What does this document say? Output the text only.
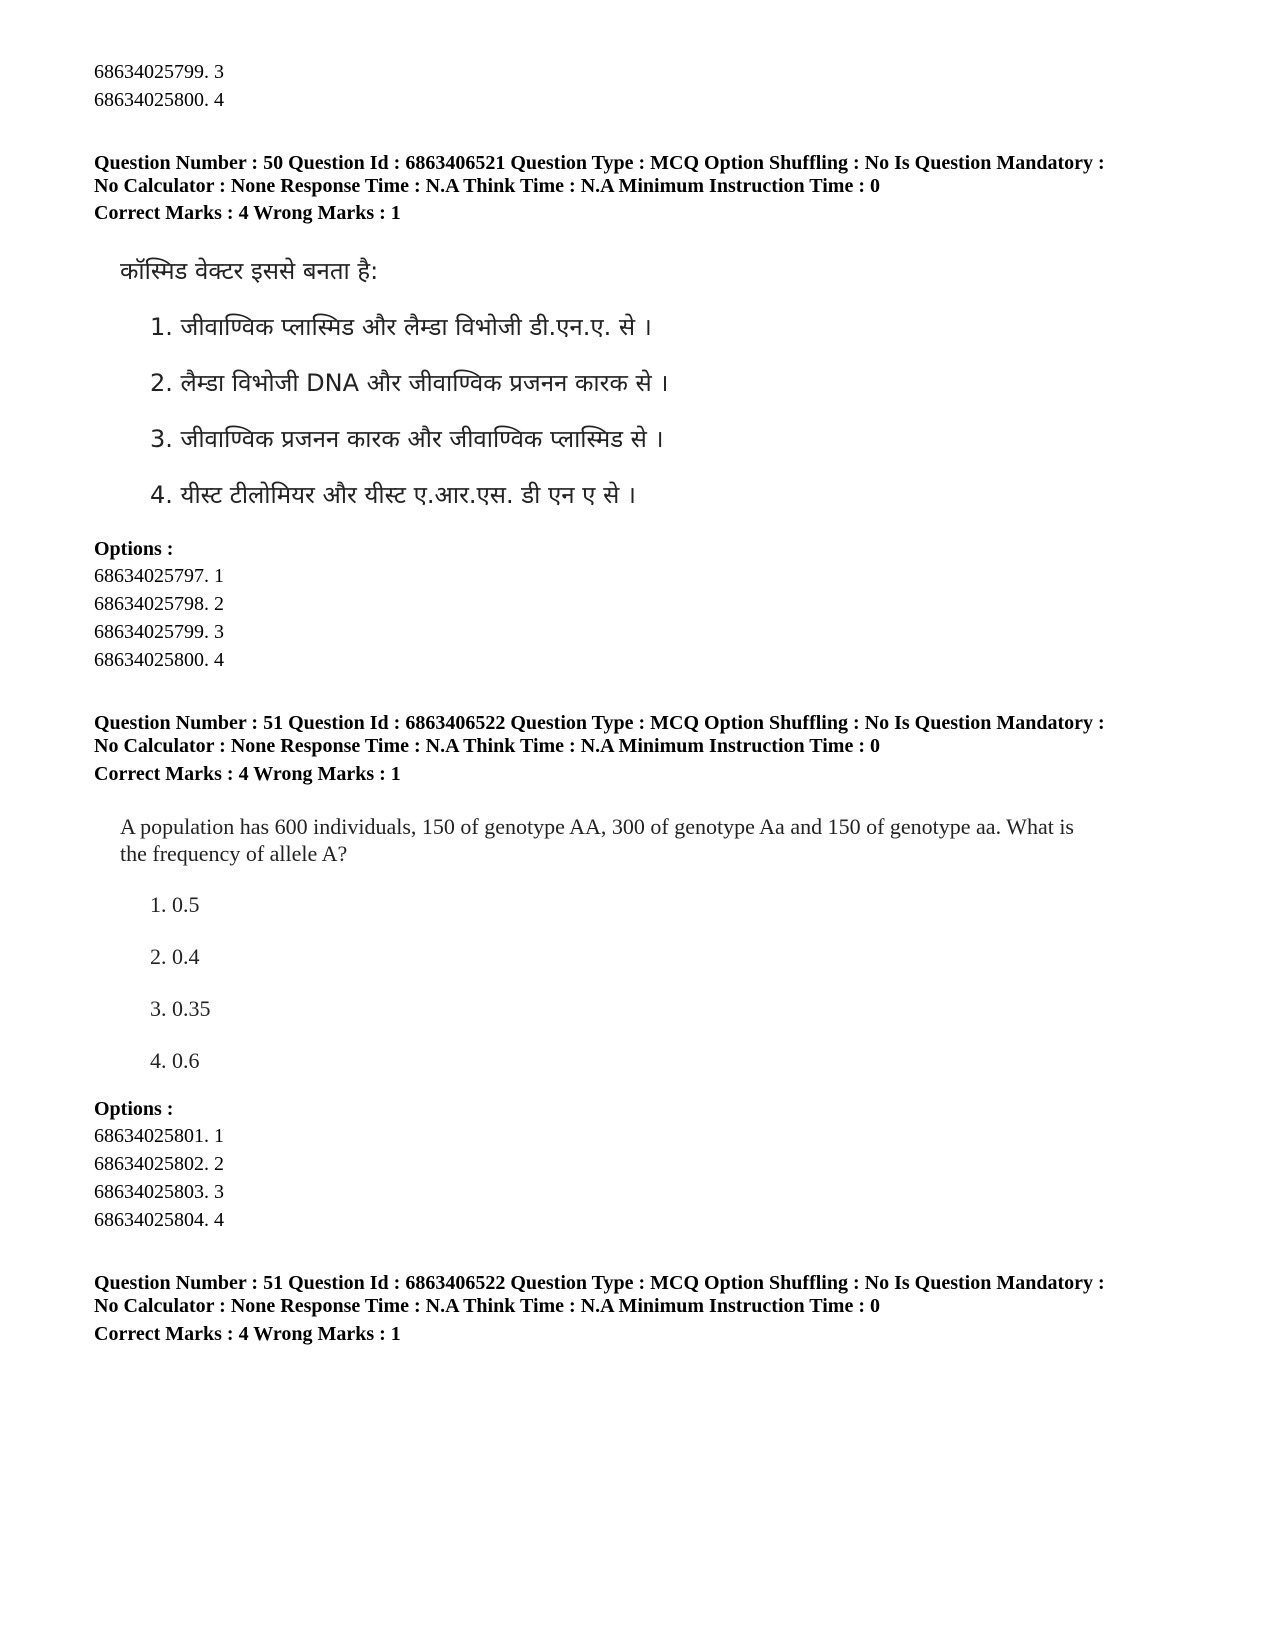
68634025799. 3
68634025800. 4
Question Number : 50 Question Id : 6863406521 Question Type : MCQ Option Shuffling : No Is Question Mandatory :
No Calculator : None Response Time : N.A Think Time : N.A Minimum Instruction Time : 0
Correct Marks : 4 Wrong Marks : 1
कॉस्मिड वेक्टर इससे बनता है:
1. जीवाण्विक प्लास्मिड और लैम्डा विभोजी डी.एन.ए. से ।
2. लैम्डा विभोजी DNA और जीवाण्विक प्रजनन कारक से ।
3. जीवाण्विक प्रजनन कारक और जीवाण्विक प्लास्मिड से ।
4. यीस्ट टीलोमियर और यीस्ट ए.आर.एस. डी एन ए से ।
Options :
68634025797. 1
68634025798. 2
68634025799. 3
68634025800. 4
Question Number : 51 Question Id : 6863406522 Question Type : MCQ Option Shuffling : No Is Question Mandatory :
No Calculator : None Response Time : N.A Think Time : N.A Minimum Instruction Time : 0
Correct Marks : 4 Wrong Marks : 1
A population has 600 individuals, 150 of genotype AA, 300 of genotype Aa and 150 of genotype aa. What is
the frequency of allele A?
1. 0.5
2. 0.4
3. 0.35
4. 0.6
Options :
68634025801. 1
68634025802. 2
68634025803. 3
68634025804. 4
Question Number : 51 Question Id : 6863406522 Question Type : MCQ Option Shuffling : No Is Question Mandatory :
No Calculator : None Response Time : N.A Think Time : N.A Minimum Instruction Time : 0
Correct Marks : 4 Wrong Marks : 1
